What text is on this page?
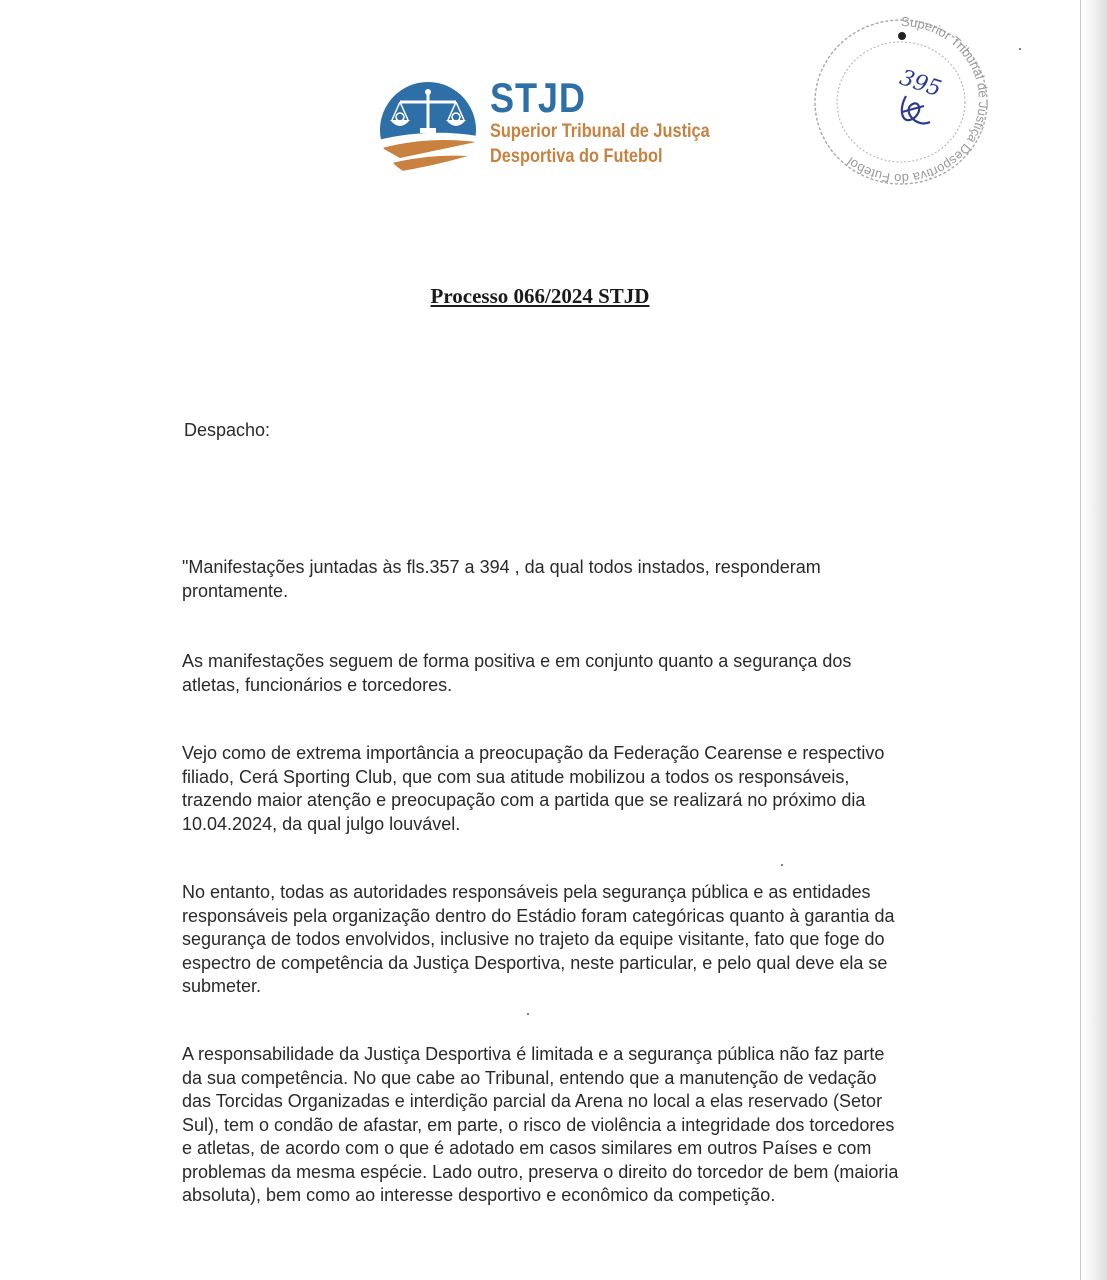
STJD
Superior Tribunal de Justiça
Desportiva do Futebol
Superior Tribunal de Justiça Desportiva do Futebol
395
Processo 066/2024 STJD
Despacho:

"Manifestações juntadas às fls.357 a 394 , da qual todos instados, responderam prontamente.

As manifestações seguem de forma positiva e em conjunto quanto a segurança dos atletas, funcionários e torcedores.

Vejo como de extrema importância a preocupação da Federação Cearense e respectivo filiado, Cerá Sporting Club, que com sua atitude mobilizou a todos os responsáveis, trazendo maior atenção e preocupação com a partida que se realizará no próximo dia 10.04.2024, da qual julgo louvável.

No entanto, todas as autoridades responsáveis pela segurança pública e as entidades responsáveis pela organização dentro do Estádio foram categóricas quanto à garantia da segurança de todos envolvidos, inclusive no trajeto da equipe visitante, fato que foge do espectro de competência da Justiça Desportiva, neste particular, e pelo qual deve ela se submeter.

A responsabilidade da Justiça Desportiva é limitada e a segurança pública não faz parte da sua competência. No que cabe ao Tribunal, entendo que a manutenção de vedação das Torcidas Organizadas e interdição parcial da Arena no local a elas reservado (Setor Sul), tem o condão de afastar, em parte, o risco de violência a integridade dos torcedores e atletas, de acordo com o que é adotado em casos similares em outros Países e com problemas da mesma espécie. Lado outro, preserva o direito do torcedor de bem (maioria absoluta), bem como ao interesse desportivo e econômico da competição.
